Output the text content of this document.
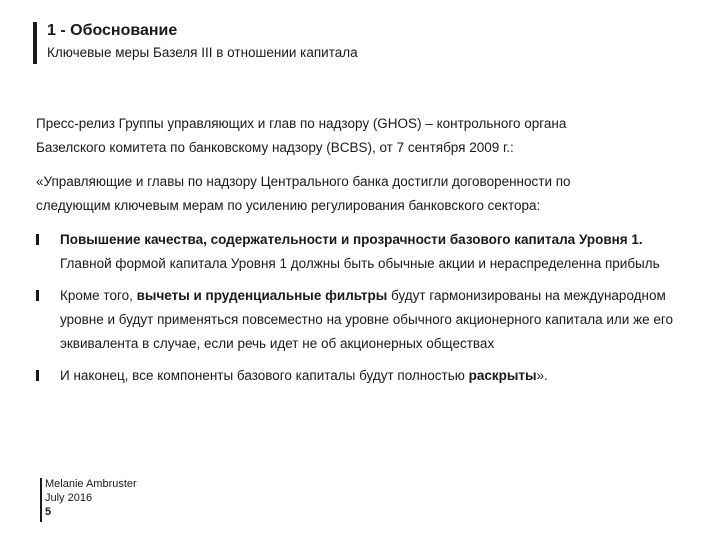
1 - Обоснование
Ключевые меры Базеля III в отношении капитала

Пресс-релиз Группы управляющих и глав по надзору (GHOS) – контрольного органа

Базелского комитета по банковскому надзору (BCBS), от 7 сентября 2009 г.:

«Управляющие и главы по надзору Центрального банка достигли договоренности по

следующим ключевым мерам по усилению регулирования банковского сектора:

Повышение качества, содержательности и прозрачности базового капитала Уровня 1. Главной формой капитала Уровня 1 должны быть обычные акции и нераспределенна прибыль
Кроме того, вычеты и пруденциальные фильтры будут гармонизированы на международном уровне и будут применяться повсеместно на уровне обычного акционерного капитала или же его эквивалента в случае, если речь идет не об акционерных обществах
И наконец, все компоненты базового капиталы будут полностью раскрыты».
Melanie Ambruster
July 2016
5
